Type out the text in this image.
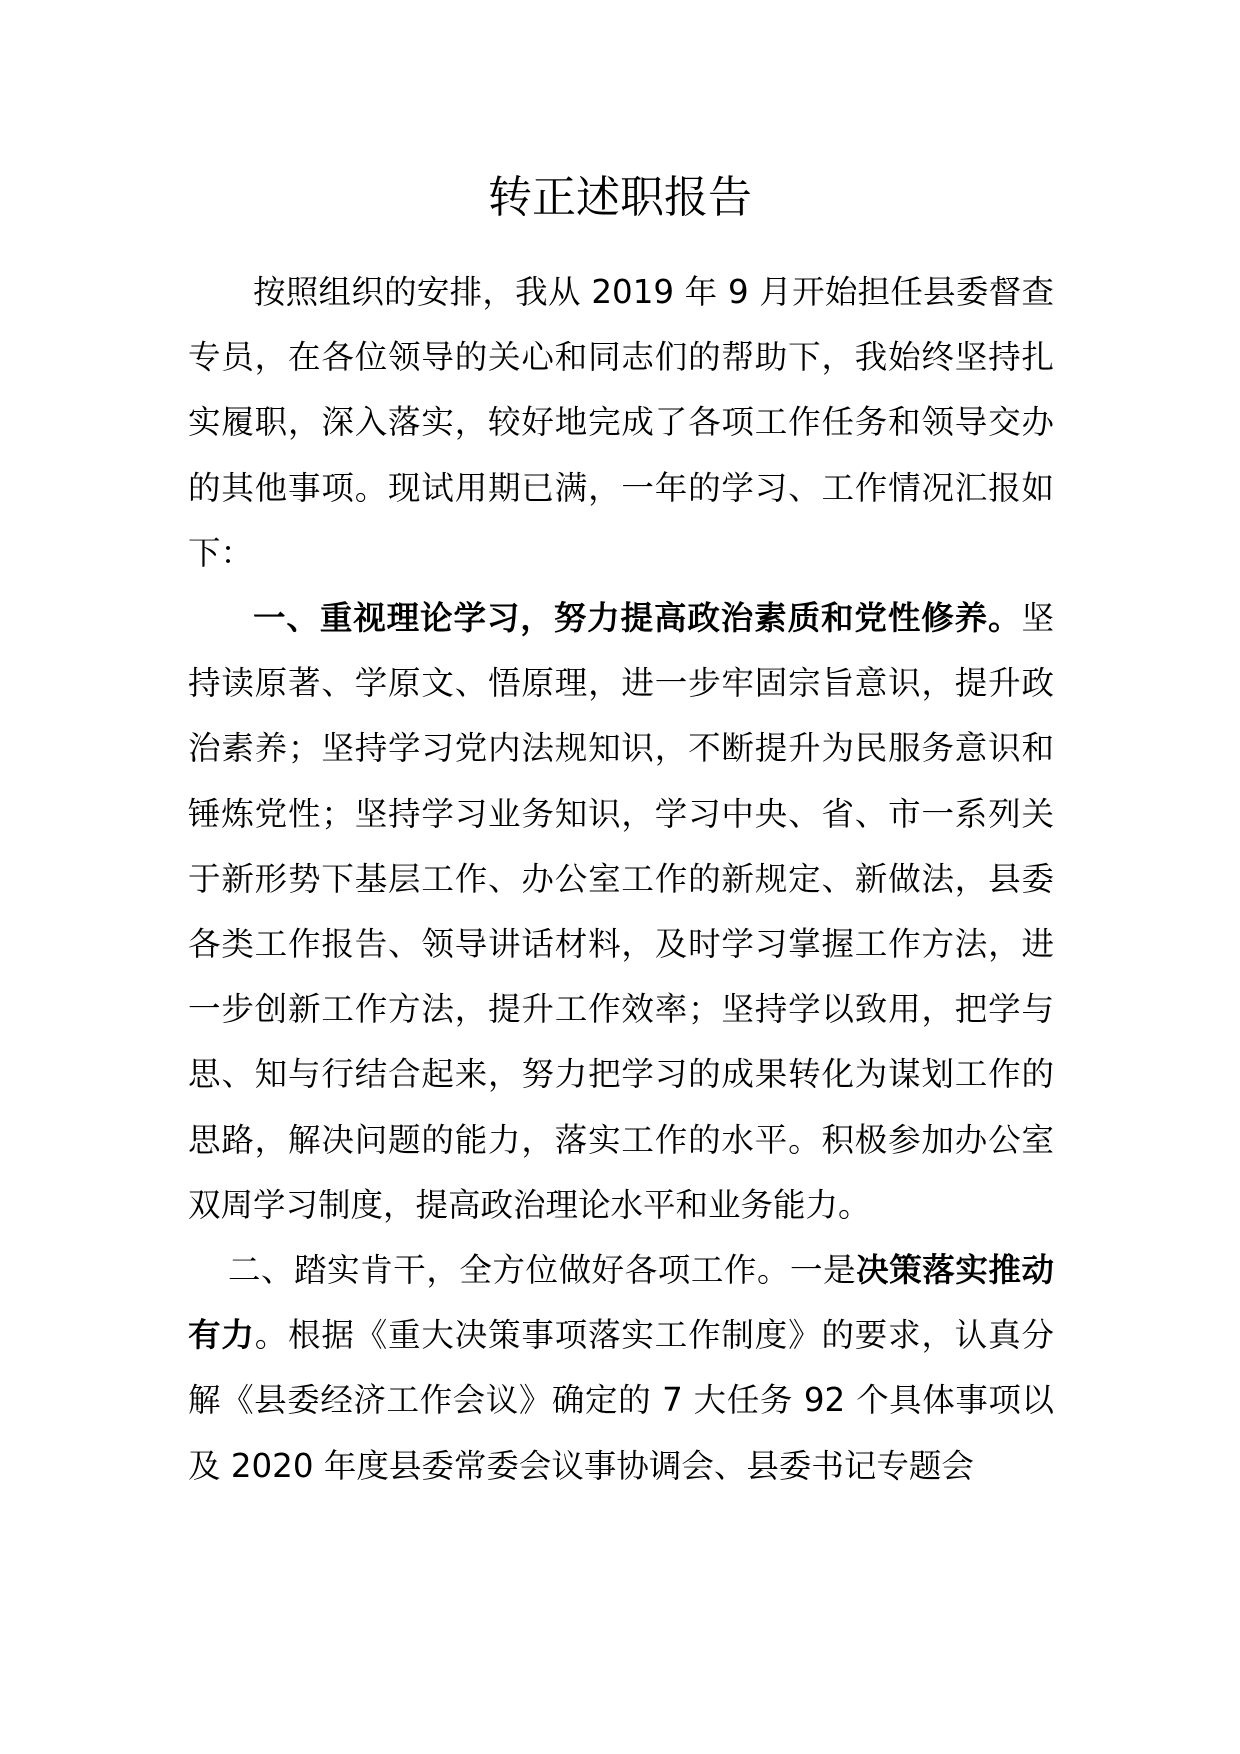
转正述职报告

按照组织的安排，我从 2019 年 9 月开始担任县委督查专员，在各位领导的关心和同志们的帮助下，我始终坚持扎实履职，深入落实，较好地完成了各项工作任务和领导交办的其他事项。现试用期已满，一年的学习、工作情况汇报如下：

一、重视理论学习，努力提高政治素质和党性修养。坚持读原著、学原文、悟原理，进一步牢固宗旨意识，提升政治素养；坚持学习党内法规知识，不断提升为民服务意识和锤炼党性；坚持学习业务知识，学习中央、省、市一系列关于新形势下基层工作、办公室工作的新规定、新做法，县委各类工作报告、领导讲话材料，及时学习掌握工作方法，进一步创新工作方法，提升工作效率；坚持学以致用，把学与思、知与行结合起来，努力把学习的成果转化为谋划工作的思路，解决问题的能力，落实工作的水平。积极参加办公室双周学习制度，提高政治理论水平和业务能力。

二、踏实肯干，全方位做好各项工作。一是决策落实推动有力。根据《重大决策事项落实工作制度》的要求，认真分解《县委经济工作会议》确定的 7 大任务 92 个具体事项以及 2020 年度县委常委会议事协调会、县委书记专题会
